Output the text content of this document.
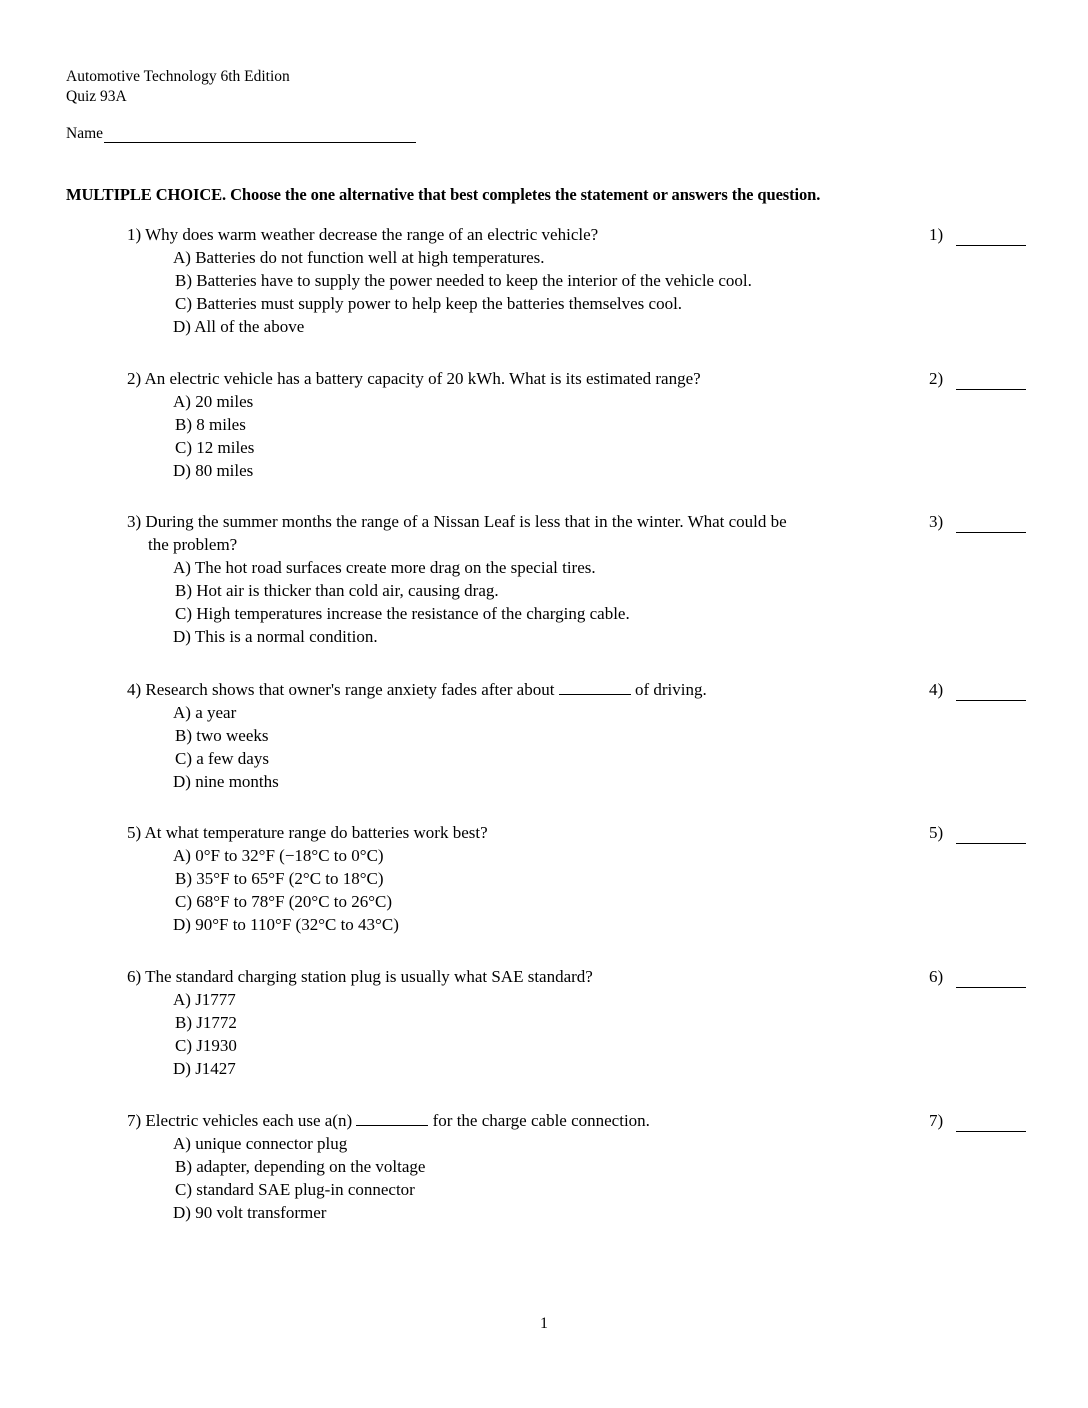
Automotive Technology 6th Edition
Quiz 93A
Name
MULTIPLE CHOICE. Choose the one alternative that best completes the statement or answers the question.
1) Why does warm weather decrease the range of an electric vehicle?
A) Batteries do not function well at high temperatures.
B) Batteries have to supply the power needed to keep the interior of the vehicle cool.
C) Batteries must supply power to help keep the batteries themselves cool.
D) All of the above
1)
2) An electric vehicle has a battery capacity of 20 kWh. What is its estimated range?
A) 20 miles
B) 8 miles
C) 12 miles
D) 80 miles
2)
3) During the summer months the range of a Nissan Leaf is less that in the winter. What could be
the problem?
A) The hot road surfaces create more drag on the special tires.
B) Hot air is thicker than cold air, causing drag.
C) High temperatures increase the resistance of the charging cable.
D) This is a normal condition.
3)
4) Research shows that owner's range anxiety fades after about	of driving.
A) a year
B) two weeks
C) a few days
D) nine months
4)
5) At what temperature range do batteries work best?
A) 0°F to 32°F (−18°C to 0°C)
B) 35°F to 65°F (2°C to 18°C)
C) 68°F to 78°F (20°C to 26°C)
D) 90°F to 110°F (32°C to 43°C)
5)
6) The standard charging station plug is usually what SAE standard?
A) J1777
B) J1772
C) J1930
D) J1427
6)
7) Electric vehicles each use a(n)	for the charge cable connection.
A) unique connector plug
B) adapter, depending on the voltage
C) standard SAE plug-in connector
D) 90 volt transformer
7)
1
